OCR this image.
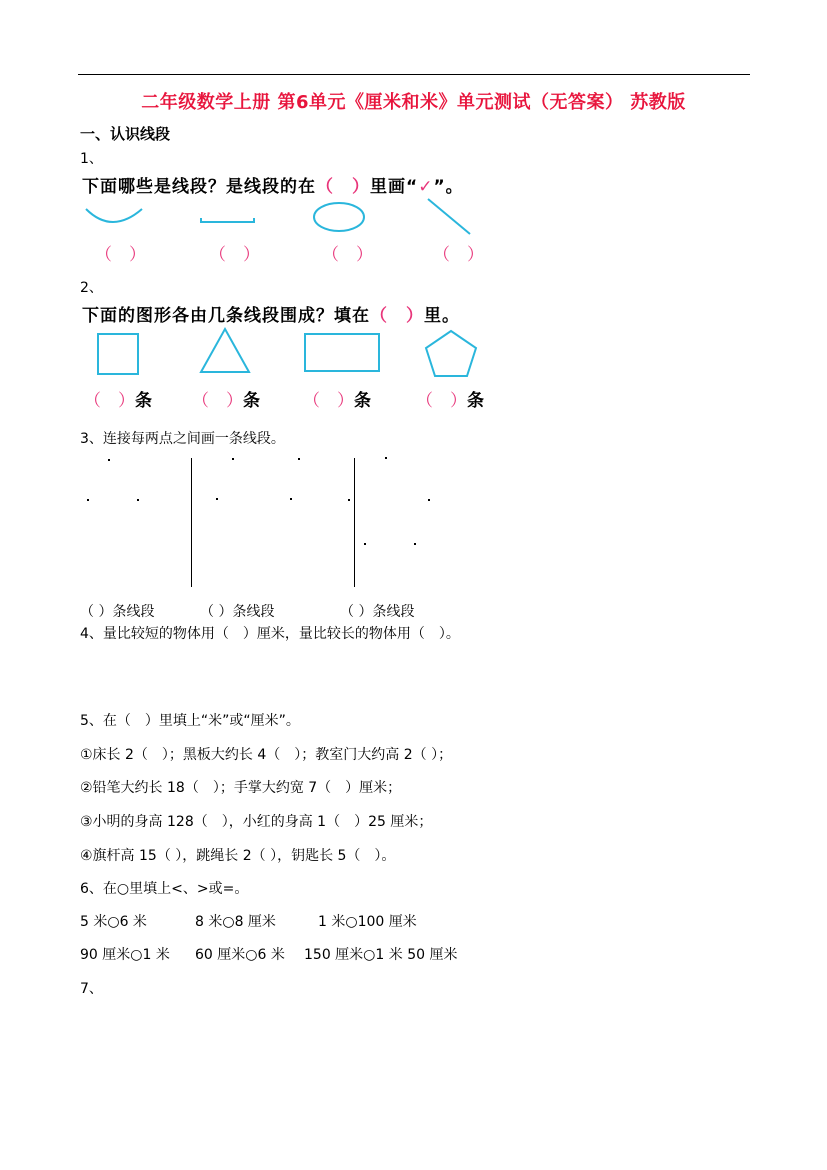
二年级数学上册 第6单元《厘米和米》单元测试（无答案） 苏教版
一、认识线段
1、
下面哪些是线段？是线段的在（　）里画“✓”。
（　）	（　）	（　）	（　）
2、
下面的图形各由几条线段围成？填在（　）里。
（　）条 （　）条	（　）条	（　）条
3、连接每两点之间画一条线段。
（ ）条线段	（ ）条线段	（ ）条线段
4、量比较短的物体用（　）厘米，量比较长的物体用（　）。
5、在（　）里填上“米”或“厘米”。
①床长 2（　）；黑板大约长 4（　）；教室门大约高 2（ ）；
②铅笔大约长 18（　）；手掌大约宽 7（　）厘米；
③小明的身高 128（　），小红的身高 1（　）25 厘米；
④旗杆高 15（ ），跳绳长 2（ ），钥匙长 5（　）。
6、在○里填上<、>或=。
5 米○6 米	8 米○8 厘米	1 米○100 厘米
90 厘米○1 米 60 厘米○6 米 150 厘米○1 米 50 厘米
7、
